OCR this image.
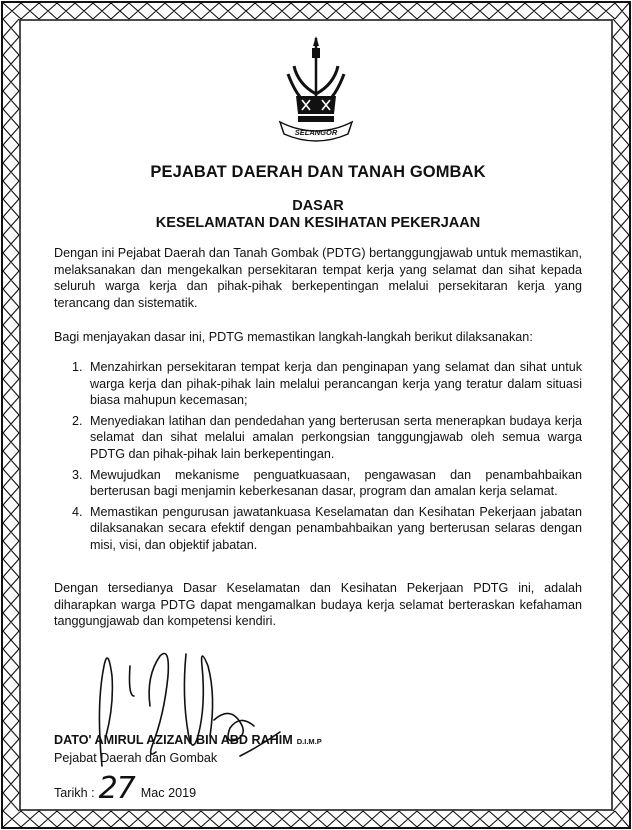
SELANGOR
PEJABAT DAERAH DAN TANAH GOMBAK
DASAR
KESELAMATAN DAN KESIHATAN PEKERJAAN
Dengan ini Pejabat Daerah dan Tanah Gombak (PDTG) bertanggungjawab untuk memastikan, melaksanakan dan mengekalkan persekitaran tempat kerja yang selamat dan sihat kepada seluruh warga kerja dan pihak-pihak berkepentingan melalui persekitaran kerja yang terancang dan sistematik.
Bagi menjayakan dasar ini, PDTG memastikan langkah-langkah berikut dilaksanakan:
1. Menzahirkan persekitaran tempat kerja dan penginapan yang selamat dan sihat untuk warga kerja dan pihak-pihak lain melalui perancangan kerja yang teratur dalam situasi biasa mahupun kecemasan;
2. Menyediakan latihan dan pendedahan yang berterusan serta menerapkan budaya kerja selamat dan sihat melalui amalan perkongsian tanggungjawab oleh semua warga PDTG dan pihak-pihak lain berkepentingan.
3. Mewujudkan mekanisme penguatkuasaan, pengawasan dan penambahbaikan berterusan bagi menjamin keberkesanan dasar, program dan amalan kerja selamat.
4. Memastikan pengurusan jawatankuasa Keselamatan dan Kesihatan Pekerjaan jabatan dilaksanakan secara efektif dengan penambahbaikan yang berterusan selaras dengan misi, visi, dan objektif jabatan.
Dengan tersedianya Dasar Keselamatan dan Kesihatan Pekerjaan PDTG ini, adalah diharapkan warga PDTG dapat mengamalkan budaya kerja selamat berteraskan kefahaman tanggungjawab dan kompetensi kendiri.
DATO' AMIRUL AZIZAN BIN ABD RAHIM D.I.M.P
Pejabat Daerah dan Gombak
Tarikh : 27 Mac 2019
